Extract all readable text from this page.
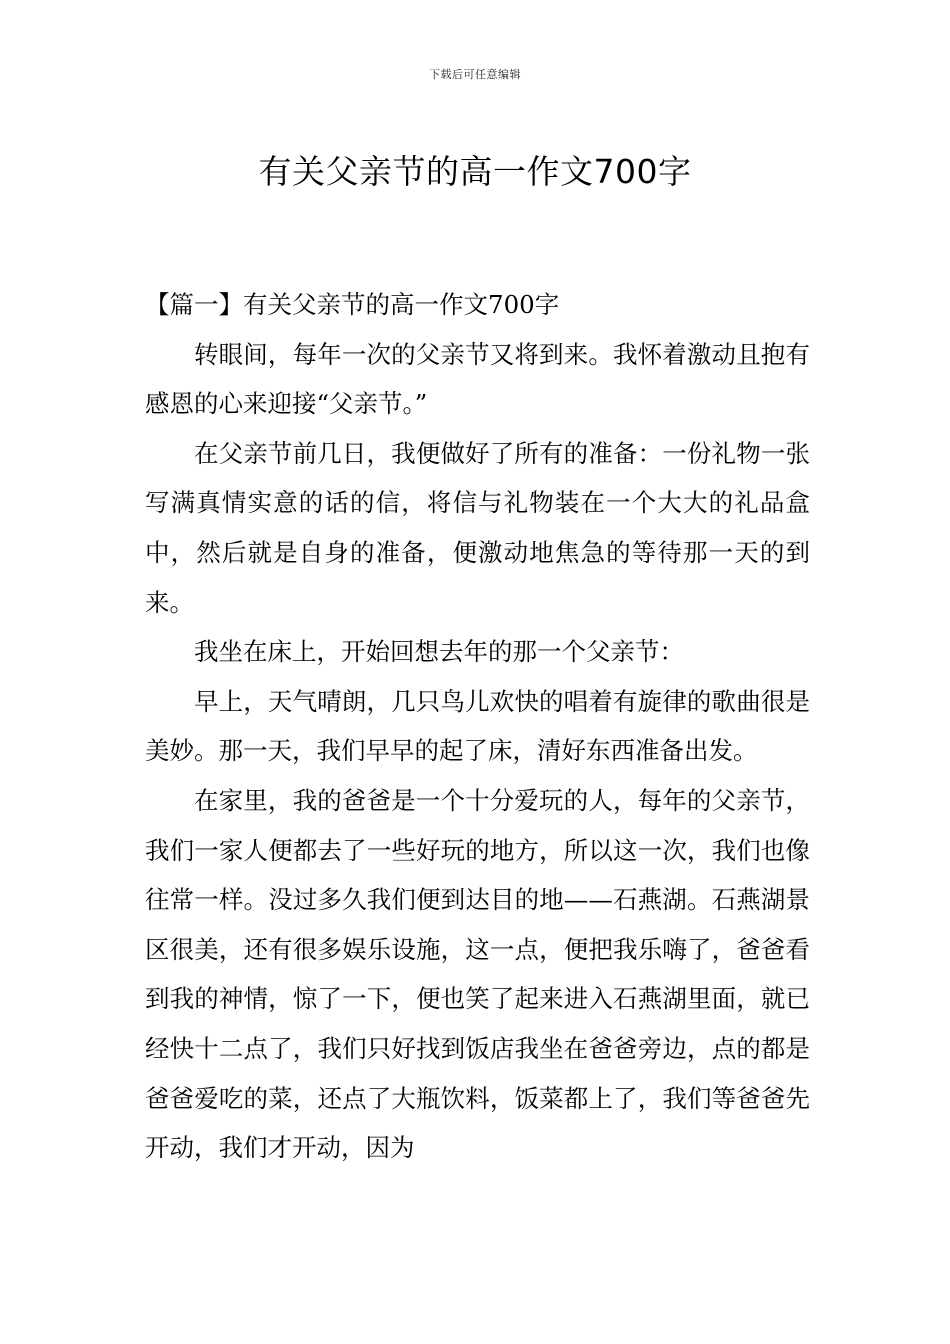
下载后可任意编辑
有关父亲节的高一作文700字

【篇一】有关父亲节的高一作文700字

转眼间，每年一次的父亲节又将到来。我怀着激动且抱有感恩的心来迎接“父亲节。”

在父亲节前几日，我便做好了所有的准备：一份礼物一张写满真情实意的话的信，将信与礼物装在一个大大的礼品盒中，然后就是自身的准备，便激动地焦急的等待那一天的到来。

我坐在床上，开始回想去年的那一个父亲节：

早上，天气晴朗，几只鸟儿欢快的唱着有旋律的歌曲很是美妙。那一天，我们早早的起了床，清好东西准备出发。

在家里，我的爸爸是一个十分爱玩的人，每年的父亲节，我们一家人便都去了一些好玩的地方，所以这一次，我们也像往常一样。没过多久我们便到达目的地——石燕湖。石燕湖景区很美，还有很多娱乐设施，这一点，便把我乐嗨了，爸爸看到我的神情，惊了一下，便也笑了起来进入石燕湖里面，就已经快十二点了，我们只好找到饭店我坐在爸爸旁边，点的都是爸爸爱吃的菜，还点了大瓶饮料，饭菜都上了，我们等爸爸先开动，我们才开动，因为
